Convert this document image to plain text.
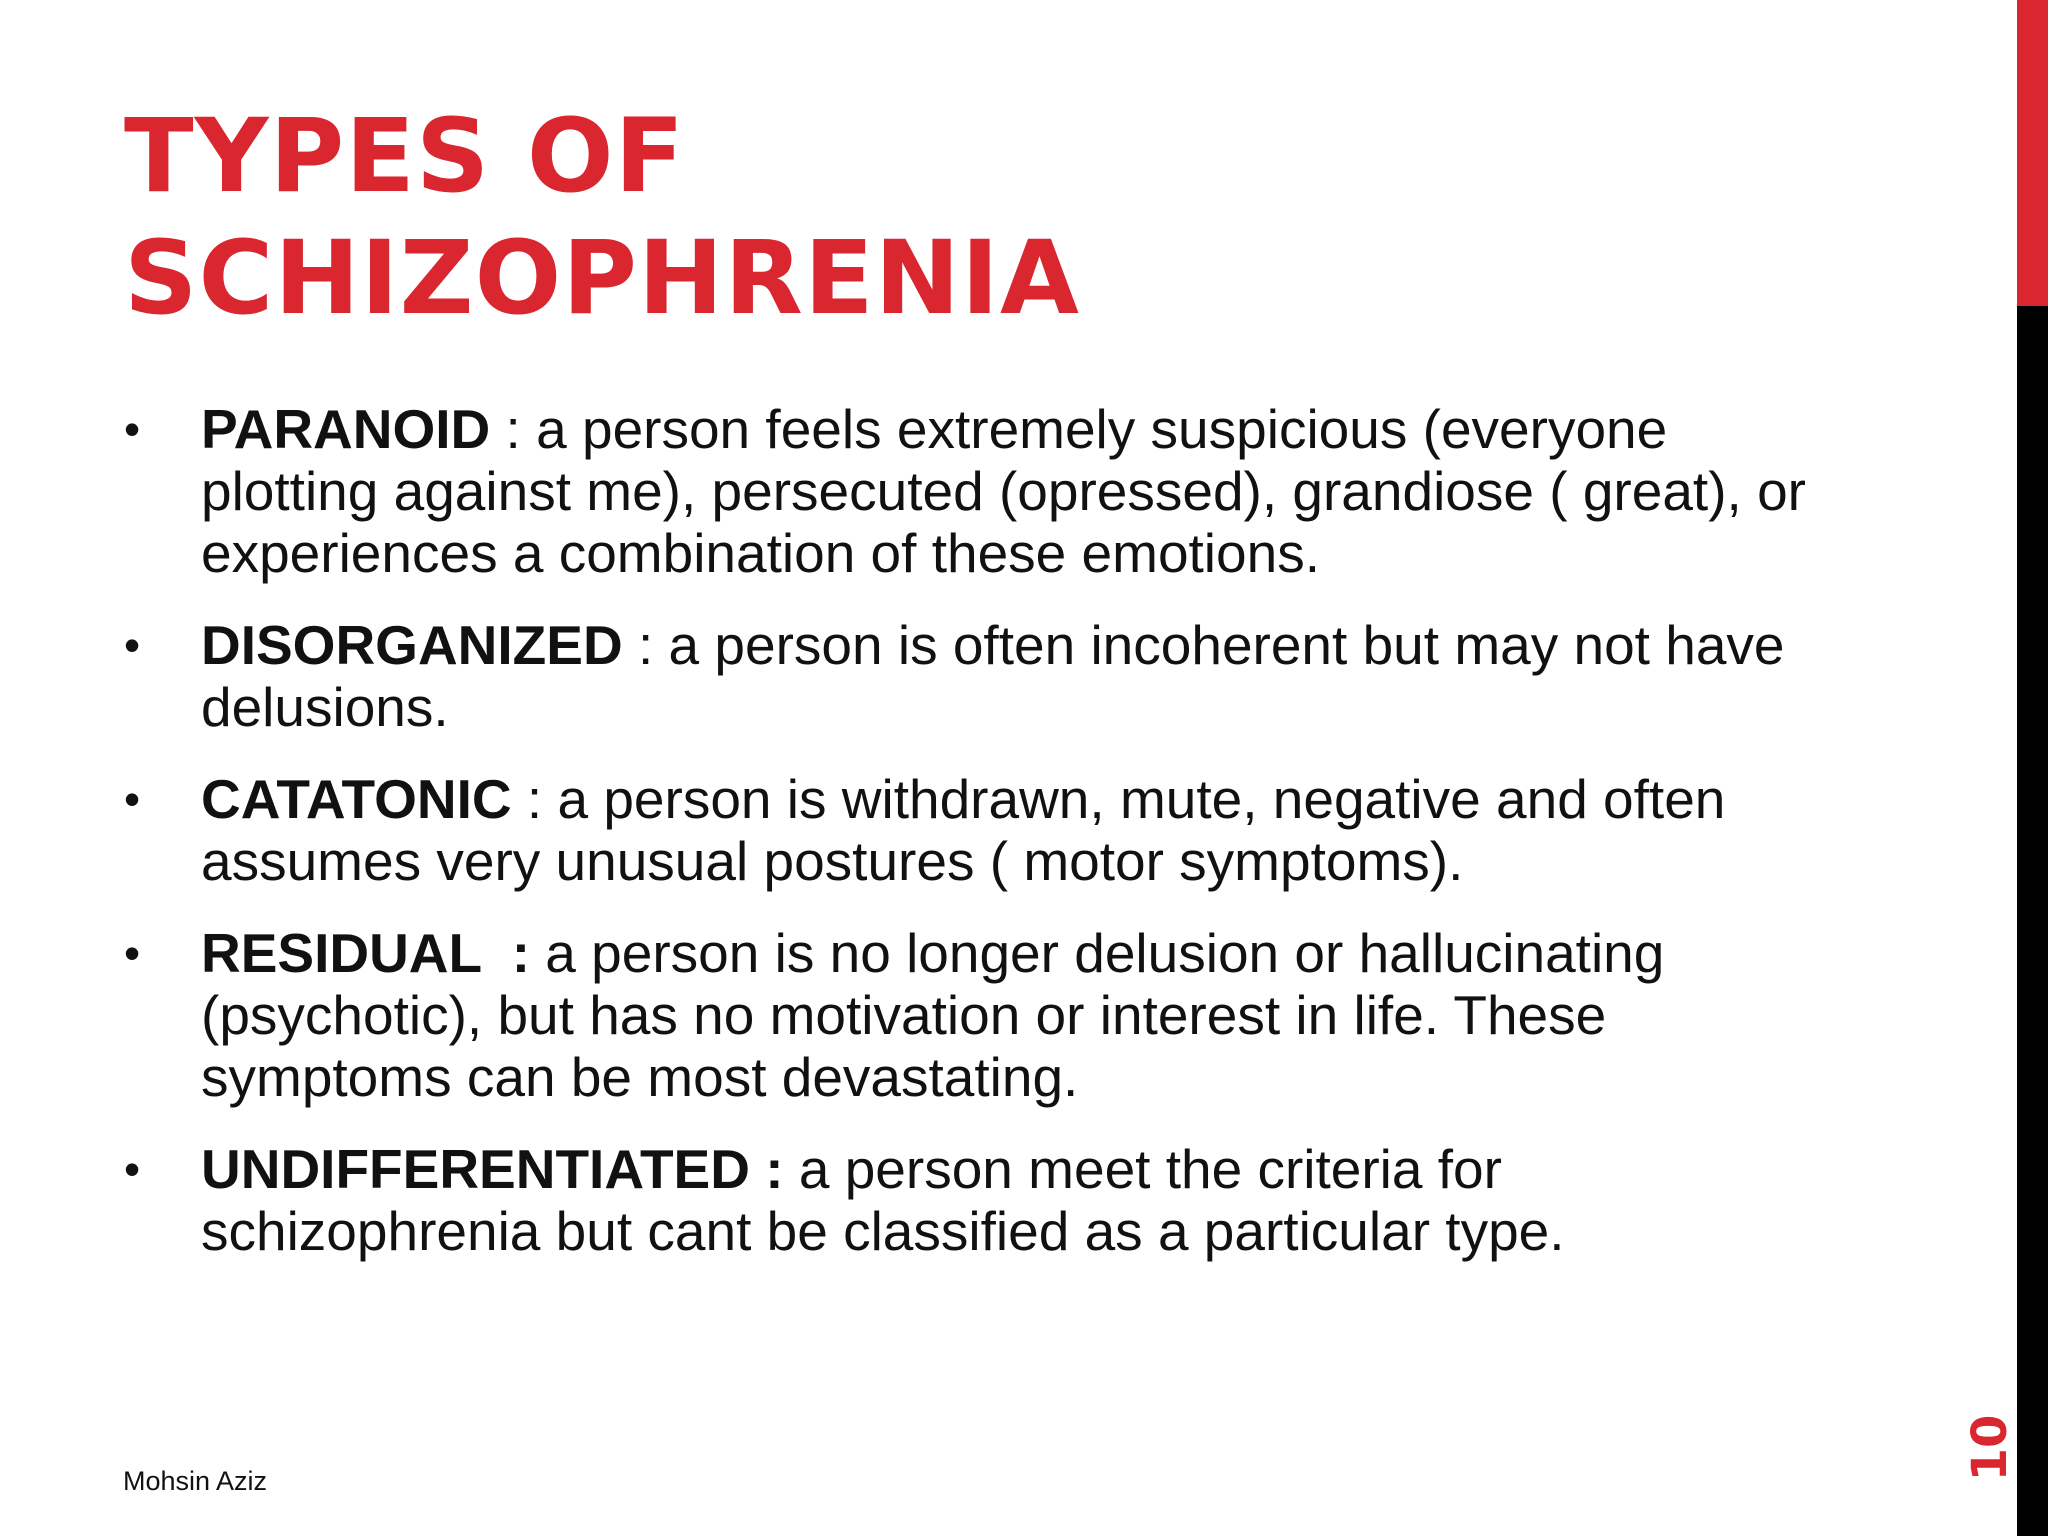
TYPES OF
SCHIZOPHRENIA
• PARANOID : a person feels extremely suspicious (everyone plotting against me), persecuted (opressed), grandiose ( great), or experiences a combination of these emotions.
• DISORGANIZED : a person is often incoherent but may not have delusions.
• CATATONIC : a person is withdrawn, mute, negative and often assumes very unusual postures ( motor symptoms).
• RESIDUAL  : a person is no longer delusion or hallucinating (psychotic), but has no motivation or interest in life. These symptoms can be most devastating.
• UNDIFFERENTIATED : a person meet the criteria for schizophrenia but cant be classified as a particular type.
Mohsin Aziz	10
